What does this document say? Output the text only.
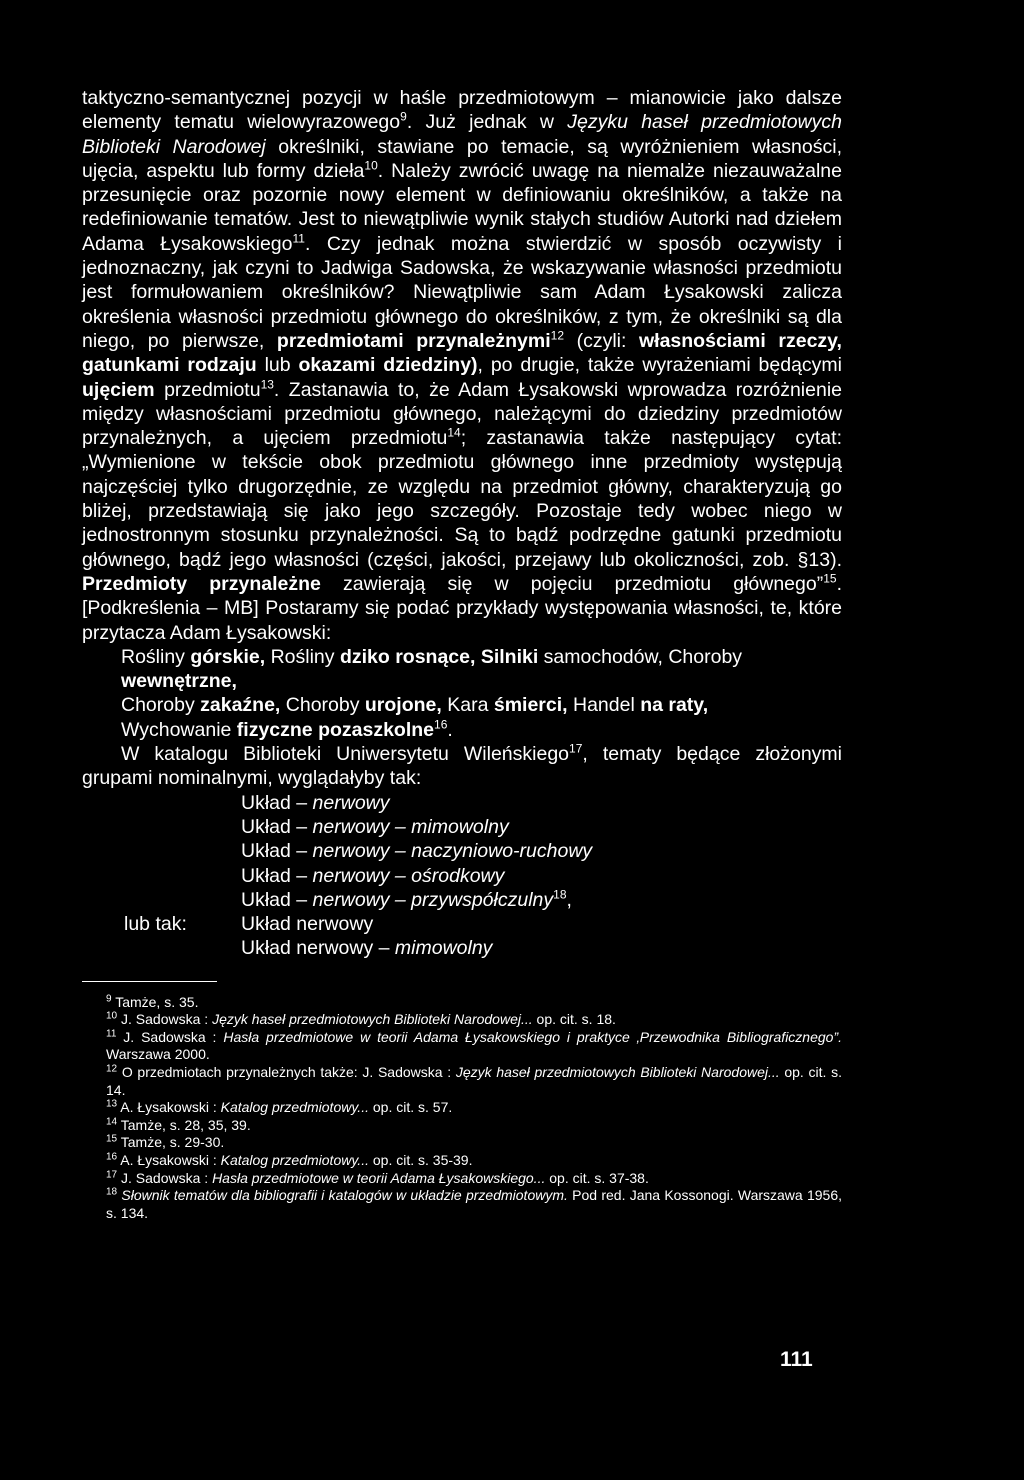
taktyczno-semantycznej pozycji w haśle przedmiotowym – mianowicie jako dalsze elementy tematu wielowyrazowego$^9$. Już jednak w Języku haseł przedmiotowych Biblioteki Narodowej określniki, stawiane po temacie, są wyróżnieniem własności, ujęcia, aspektu lub formy dzieła$^{10}$. Należy zwrócić uwagę na niemalże niezauważalne przesunięcie oraz pozornie nowy element w definiowaniu określników, a także na redefiniowanie tematów. Jest to niewątpliwie wynik stałych studiów Autorki nad dziełem Adama Łysakowskiego$^{11}$. Czy jednak można stwierdzić w sposób oczywisty i jednoznaczny, jak czyni to Jadwiga Sadowska, że wskazywanie własności przedmiotu jest formułowaniem określników? Niewątpliwie sam Adam Łysakowski zalicza określenia własności przedmiotu głównego do określników, z tym, że określniki są dla niego, po pierwsze, przedmiotami przynależnymi$^{12}$ (czyli: własnościami rzeczy, gatunkami rodzaju lub okazami dziedziny), po drugie, także wyrażeniami będącymi ujęciem przedmiotu$^{13}$. Zastanawia to, że Adam Łysakowski wprowadza rozróżnienie między własnościami przedmiotu głównego, należącymi do dziedziny przedmiotów przynależnych, a ujęciem przedmiotu$^{14}$; zastanawia także następujący cytat: „Wymienione w tekście obok przedmiotu głównego inne przedmioty występują najczęściej tylko drugorzędnie, ze względu na przedmiot główny, charakteryzują go bliżej, przedstawiają się jako jego szczegóły. Pozostaje tedy wobec niego w jednostronnym stosunku przynależności. Są to bądź podrzędne gatunki przedmiotu głównego, bądź jego własności (części, jakości, przejawy lub okoliczności, zob. §13). Przedmioty przynależne zawierają się w pojęciu przedmiotu głównego”$^{15}$. [Podkreślenia – MB] Postaramy się podać przykłady występowania własności, te, które przytacza Adam Łysakowski:

Rośliny górskie, Rośliny dziko rosnące, Silniki samochodów, Choroby wewnętrzne,

Choroby zakaźne, Choroby urojone, Kara śmierci, Handel na raty,

Wychowanie fizyczne pozaszkolne$^{16}$.

W katalogu Biblioteki Uniwersytetu Wileńskiego$^{17}$, tematy będące złożonymi grupami nominalnymi, wyglądałyby tak:

Układ – nerwowy

Układ – nerwowy – mimowolny

Układ – nerwowy – naczyniowo-ruchowy

Układ – nerwowy – ośrodkowy

Układ – nerwowy – przywspółczulny$^{18}$,

lub tak:	Układ nerwowy

Układ nerwowy – mimowolny

$^9$ Tamże, s. 35.

$^{10}$ J. Sadowska : Język haseł przedmiotowych Biblioteki Narodowej... op. cit. s. 18.

$^{11}$ J. Sadowska : Hasła przedmiotowe w teorii Adama Łysakowskiego i praktyce ‚Przewodnika Bibliograficznego”. Warszawa 2000.

$^{12}$ O przedmiotach przynależnych także: J. Sadowska : Język haseł przedmiotowych Biblioteki Narodowej... op. cit. s. 14.

$^{13}$ A. Łysakowski : Katalog przedmiotowy... op. cit. s. 57.

$^{14}$ Tamże, s. 28, 35, 39.

$^{15}$ Tamże, s. 29-30.

$^{16}$ A. Łysakowski : Katalog przedmiotowy... op. cit. s. 35-39.

$^{17}$ J. Sadowska : Hasła przedmiotowe w teorii Adama Łysakowskiego... op. cit. s. 37-38.

$^{18}$ Słownik tematów dla bibliografii i katalogów w układzie przedmiotowym. Pod red. Jana Kossonogi. Warszawa 1956, s. 134.

111
